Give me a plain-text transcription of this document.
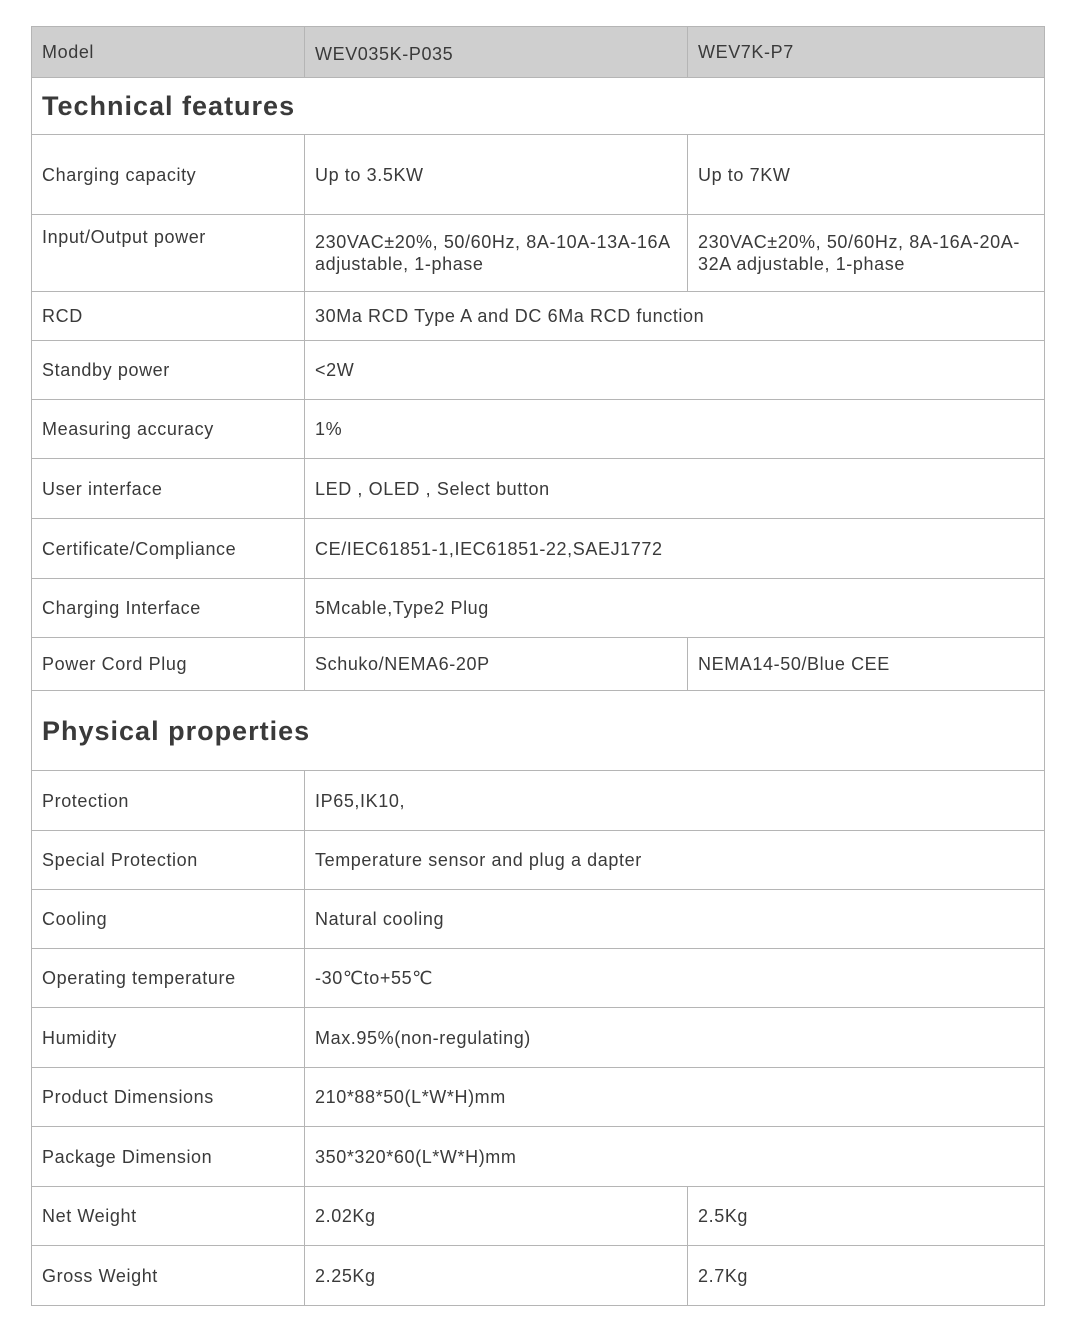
Model	WEV035K-P035	WEV7K-P7
Technical features		
Charging capacity	Up to 3.5KW	Up to 7KW
Input/Output power	230VAC±20%, 50/60Hz, 8A-10A-13A-16A adjustable, 1-phase	230VAC±20%, 50/60Hz, 8A-16A-20A-32A adjustable, 1-phase
RCD	30Ma RCD Type A and DC 6Ma RCD function	
Standby power	<2W	
Measuring accuracy	1%	
User interface	LED , OLED , Select button	
Certificate/Compliance	CE/IEC61851-1,IEC61851-22,SAEJ1772	
Charging Interface	5Mcable,Type2 Plug	
Power Cord Plug	Schuko/NEMA6-20P	NEMA14-50/Blue CEE
Physical properties		
Protection	IP65,IK10,	
Special Protection	Temperature sensor and plug a dapter	
Cooling	Natural cooling	
Operating temperature	-30℃to+55℃	
Humidity	Max.95%(non-regulating)	
Product Dimensions	210*88*50(L*W*H)mm	
Package Dimension	350*320*60(L*W*H)mm	
Net Weight	2.02Kg	2.5Kg
Gross Weight	2.25Kg	2.7Kg
